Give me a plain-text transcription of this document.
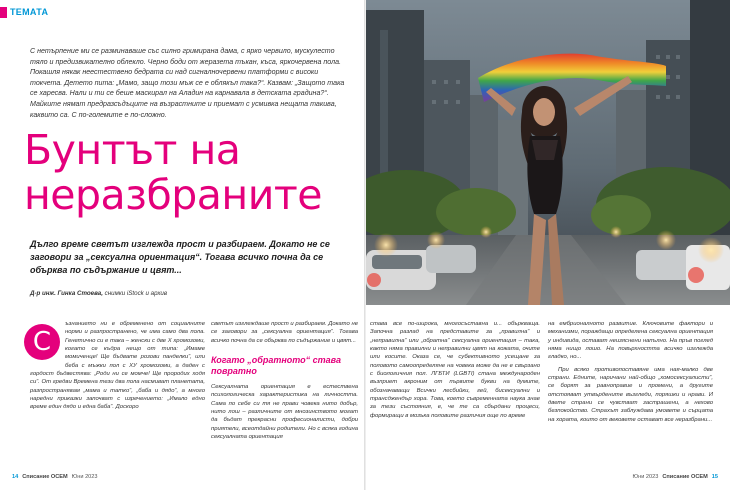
ТЕМАТА

С нетърпение ми се разминаваше със силно гримирана дама, с ярко червило, мускулесто тяло и предизвикателно облекло. Черно боди от жеразета тъкан, къса, яркочервена пола. Покашля някак неестествено бедрата си над сигналночервени платформи с високи токчета. Детето пита: „Мамо, защо този мъж се е облякъл така?“. Казвам: „Защото така се харесва. Нали и ти се беше маскирал на Аладин на карнавала в детската градина?“. Майките нямат предразсъдъците на възрастните и приемат с усмивка нещата такива, каквито са. С по-големите е по-сложно.

Бунтът на
неразбраните

Дълго време светът изглежда прост и разбираем. Докато не се заговори за „сексуална ориентация“. Тогава всичко почна да се обърква по съдържание и цвят...

Д-р инж. Гинка Стоева, снимки iStock и архив
С

ъзнанието ни е обременено от социалните норми и разпространено, че има само два пола. Генетично си е така – женски с две Х хромозоми, когато се къдра нещо от типа: „Имаме момиченце! Ще бъдвате розови панделки“, или беба с мъжки пол с ХУ хромозоми, а даден с гордост бъдвестява: „Роди ни се момче! Ще прородих ходя си“. От гредви Времена тези два пола насмиват планетата, разпространявам „мама и татко“, „баба и дядо“, а много наредни приказки започват с изречението: „Имало едно време един дядо и една баба“. Доскоро

светът изглеждаше прост и разбираем. Докато не се заговори за „сексуална ориентация“. Тогава всичко почна да се обърква по съдържание и цвят...

Когато „обратното“ става повратно

Сексуалната ориентация е естествена психологическа характеристика на личността. Сама по себе си тя не прави човека нито добър, нито лош – различните от мнозинството могат да бъдат прекрасни професионалисти, добри приятели, всеотдайни родители. Но с всяка година сексуалната ориентация

14 Списание ОСЕМ Юни 2023

става все по-широка, многосъставна и... объркваща. Започна разлад на представите за „правилна“ и „неправилна“ или „обратна“ сексуална ориентация – така, както няма правилни и неправилни цвят на кожата, очите или косите. Оказа се, че субективното усещане за половото самоопределяне на човека може да не е свързано с биологичния пол. ЛГБТИ (LGBTI) стана международен възприет акроним от първите букви на думите, обозначаващи Всички лесбийки, гей, бисексуални и трансджендър хора. Това, което съвременната наука знае за тези състояния, е, че те са сбърдани процеси, формиращи в мозъка половите различия още по време

на ембрионалното развитие. Ключовите фактори и механизми, пораждащи определена сексуална ориентация у индивида, остават неизяснени напълно. На пръв поглед няма нищо лошо. На повърхността всичко изглежда гладко, но...

При всяко противопоставяне има ная-малко две страни. Едните, наричани най-общо „хомосексуалисти“, се борят за равноправие и промени, а другите отстояват утвърдените възгледи, поряшки и нрави. И двете страни се чувстват застрашени, а нехово безпокойство. Страхът заблуждава умовете и сърцата на хората, които от вековете остават все неразбрани...

Юни 2023 Списание ОСЕМ 15
